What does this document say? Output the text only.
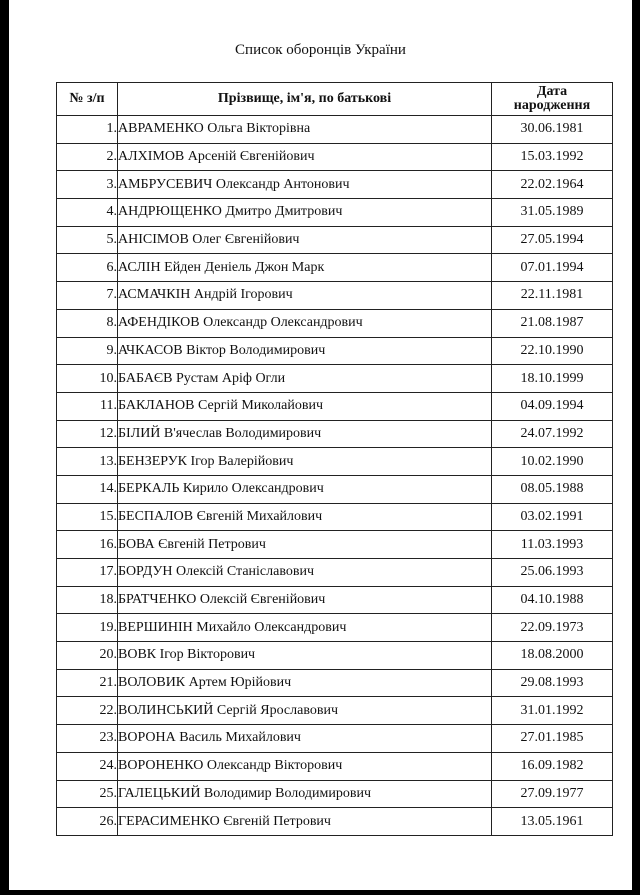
Список оборонців України
№ з/п	Прізвище, ім'я, по батькові	Дата
народження

1.	АВРАМЕНКО Ольга Вікторівна	30.06.1981
2.	АЛХІМОВ Арсеній Євгенійович	15.03.1992
3.	АМБРУСЕВИЧ Олександр Антонович	22.02.1964
4.	АНДРЮЩЕНКО Дмитро Дмитрович	31.05.1989
5.	АНІСІМОВ Олег Євгенійович	27.05.1994
6.	АСЛІН Ейден Деніель Джон Марк	07.01.1994
7.	АСМАЧКІН Андрій Ігорович	22.11.1981
8.	АФЕНДІКОВ Олександр Олександрович	21.08.1987
9.	АЧКАСОВ Віктор Володимирович	22.10.1990
10.	БАБАЄВ Рустам Аріф Огли	18.10.1999
11.	БАКЛАНОВ Сергій Миколайович	04.09.1994
12.	БІЛИЙ В'ячеслав Володимирович	24.07.1992
13.	БЕНЗЕРУК Ігор Валерійович	10.02.1990
14.	БЕРКАЛЬ Кирило Олександрович	08.05.1988
15.	БЕСПАЛОВ Євгеній Михайлович	03.02.1991
16.	БОВА Євгеній Петрович	11.03.1993
17.	БОРДУН Олексій Станіславович	25.06.1993
18.	БРАТЧЕНКО Олексій Євгенійович	04.10.1988
19.	ВЕРШИНІН Михайло Олександрович	22.09.1973
20.	ВОВК Ігор Вікторович	18.08.2000
21.	ВОЛОВИК Артем Юрійович	29.08.1993
22.	ВОЛИНСЬКИЙ Сергій Ярославович	31.01.1992
23.	ВОРОНА Василь Михайлович	27.01.1985
24.	ВОРОНЕНКО Олександр Вікторович	16.09.1982
25.	ГАЛЕЦЬКИЙ Володимир Володимирович	27.09.1977
26.	ГЕРАСИМЕНКО Євгеній Петрович	13.05.1961
